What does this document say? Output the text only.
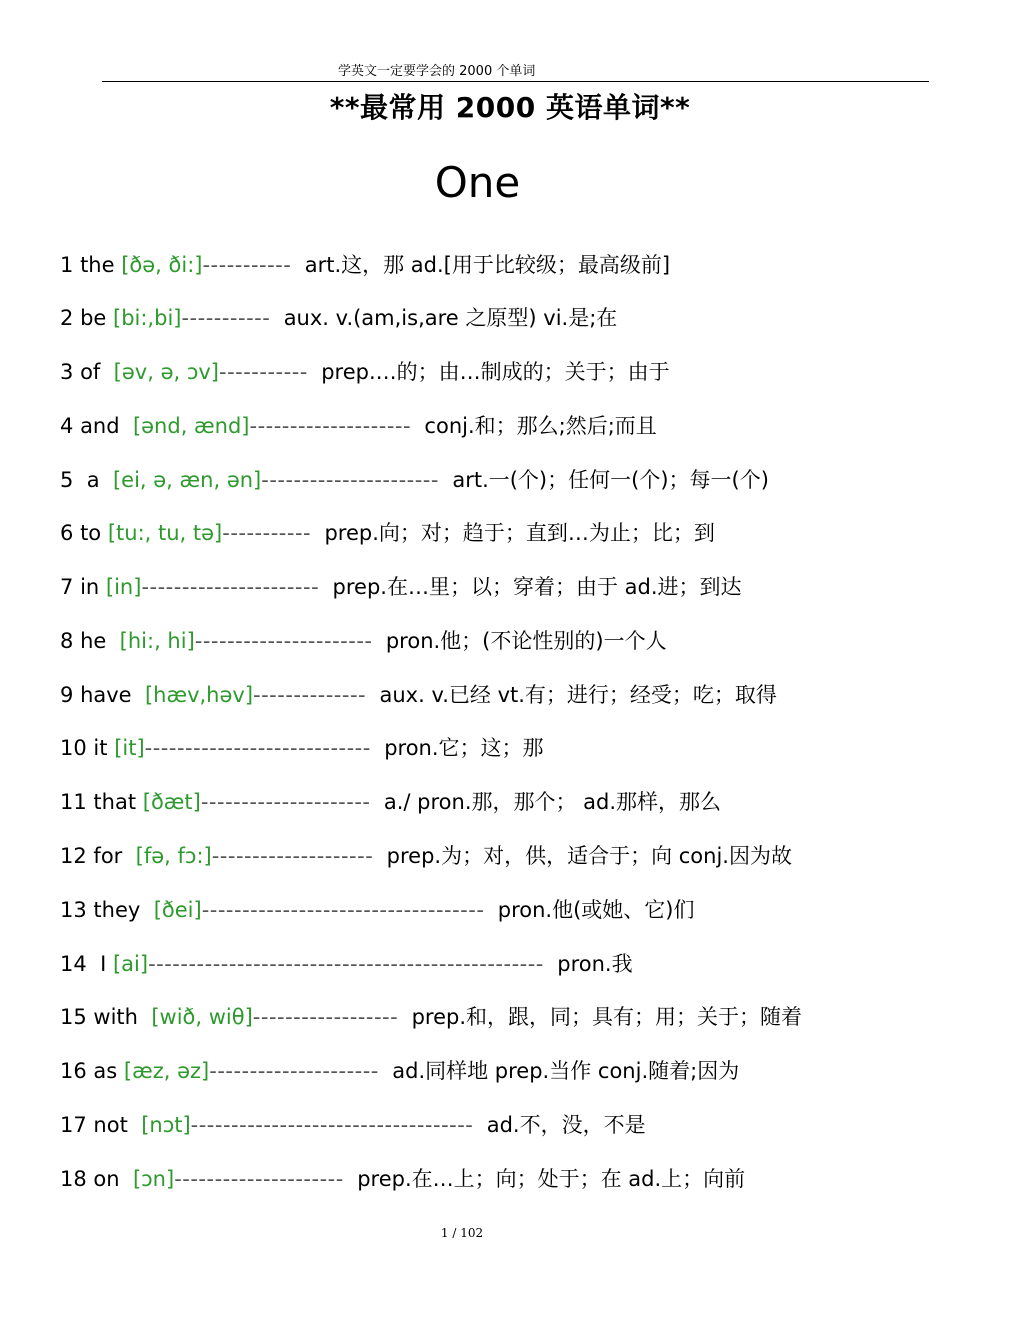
学英文一定要学会的 2000 个单词
**最常用 2000 英语单词**
One
1 the [ðə, ði:]----------- art.这，那 ad.[用于比较级；最高级前]
2 be [bi:,bi]----------- aux. v.(am,is,are 之原型) vi.是;在
3 of [əv, ə, ɔv]----------- prep.…的；由…制成的；关于；由于
4 and [ənd, ænd]-------------------- conj.和；那么;然后;而且
5 a [ei, ə, æn, ən]---------------------- art.一(个)；任何一(个)；每一(个)
6 to [tu:, tu, tə]----------- prep.向；对；趋于；直到…为止；比；到
7 in [in]---------------------- prep.在…里；以；穿着；由于 ad.进；到达
8 he [hi:, hi]---------------------- pron.他；(不论性别的)一个人
9 have [hæv,həv]-------------- aux. v.已经 vt.有；进行；经受；吃；取得
10 it [it]---------------------------- pron.它；这；那
11 that [ðæt]--------------------- a./ pron.那，那个； ad.那样，那么
12 for [fə, fɔ:]-------------------- prep.为；对，供，适合于；向 conj.因为故
13 they [ðei]----------------------------------- pron.他(或她、它)们
14 I [ai]------------------------------------------------- pron.我
15 with [wið, wiθ]------------------ prep.和，跟，同；具有；用；关于；随着
16 as [æz, əz]--------------------- ad.同样地 prep.当作 conj.随着;因为
17 not [nɔt]----------------------------------- ad.不，没，不是
18 on [ɔn]--------------------- prep.在…上；向；处于；在 ad.上；向前
1 / 102
